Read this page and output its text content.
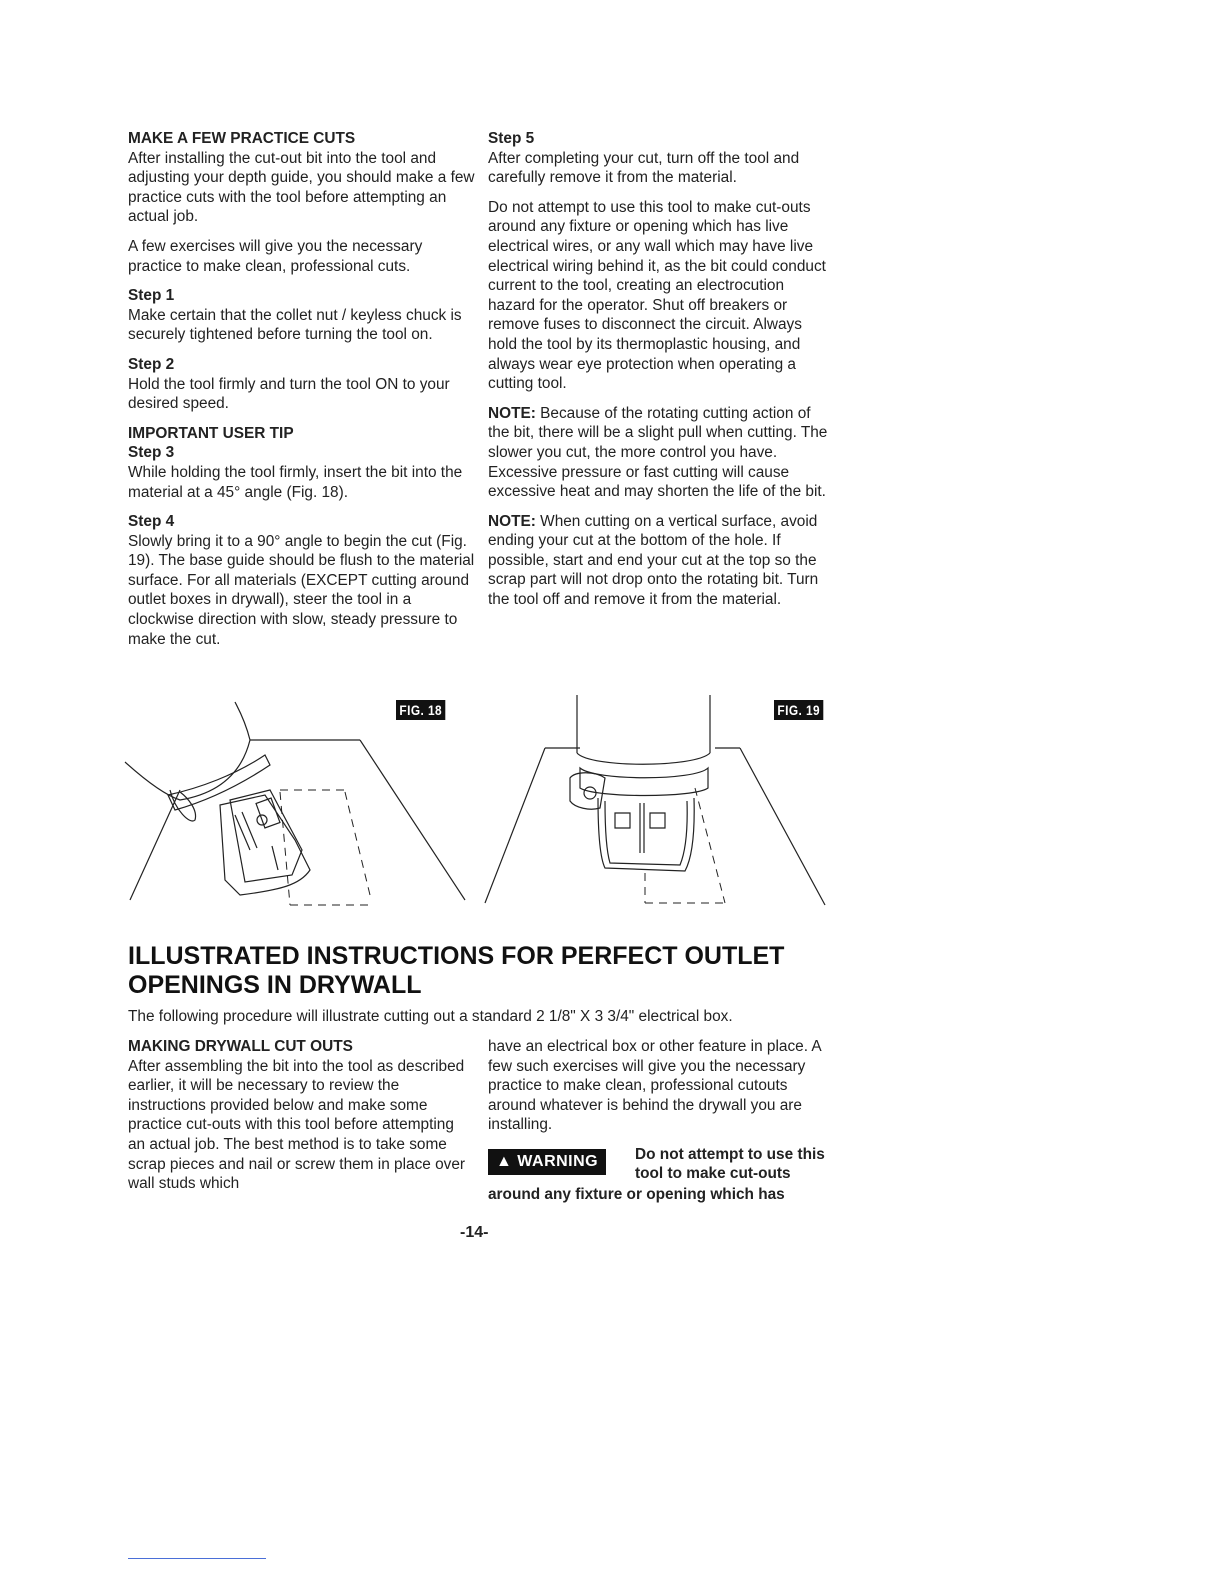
MAKE A FEW PRACTICE CUTS

After installing the cut-out bit into the tool and adjusting your depth guide, you should make a few practice cuts with the tool before attempting an actual job.

A few exercises will give you the necessary practice to make clean, professional cuts.

Step 1

Make certain that the collet nut / keyless chuck is securely tightened before turning the tool on.

Step 2

Hold the tool firmly and turn the tool ON to your desired speed.

IMPORTANT USER TIP
Step 3

While holding the tool firmly, insert the bit into the material at a 45° angle (Fig. 18).

Step 4

Slowly bring it to a 90° angle to begin the cut (Fig. 19). The base guide should be flush to the material surface. For all materials (EXCEPT cutting around outlet boxes in drywall), steer the tool in a clockwise direction with slow, steady pressure to make the cut.

Step 5

After completing your cut, turn off the tool and carefully remove it from the material.

Do not attempt to use this tool to make cut-outs around any fixture or opening which has live electrical wires, or any wall which may have live electrical wiring behind it, as the bit could conduct current to the tool, creating an electrocution hazard for the operator. Shut off breakers or remove fuses to disconnect the circuit. Always hold the tool by its thermoplastic housing, and always wear eye protection when operating a cutting tool.

NOTE: Because of the rotating cutting action of the bit, there will be a slight pull when cutting. The slower you cut, the more control you have. Excessive pressure or fast cutting will cause excessive heat and may shorten the life of the bit.

NOTE: When cutting on a vertical surface, avoid ending your cut at the bottom of the hole. If possible, start and end your cut at the top so the scrap part will not drop onto the rotating bit. Turn the tool off and remove it from the material.

FIG. 18	FIG. 19
ILLUSTRATED INSTRUCTIONS FOR PERFECT OUTLET OPENINGS IN DRYWALL
The following procedure will illustrate cutting out a standard 2 1/8" X 3 3/4" electrical box.
MAKING DRYWALL CUT OUTS

After assembling the bit into the tool as described earlier, it will be necessary to review the instructions provided below and make some practice cut-outs with this tool before attempting an actual job. The best method is to take some scrap pieces and nail or screw them in place over wall studs which

have an electrical box or other feature in place. A few such exercises will give you the necessary practice to make clean, professional cutouts around whatever is behind the drywall you are installing.

▲ WARNING	Do not attempt to use this tool to make cut-outs
around any fixture or opening which has
-14-
